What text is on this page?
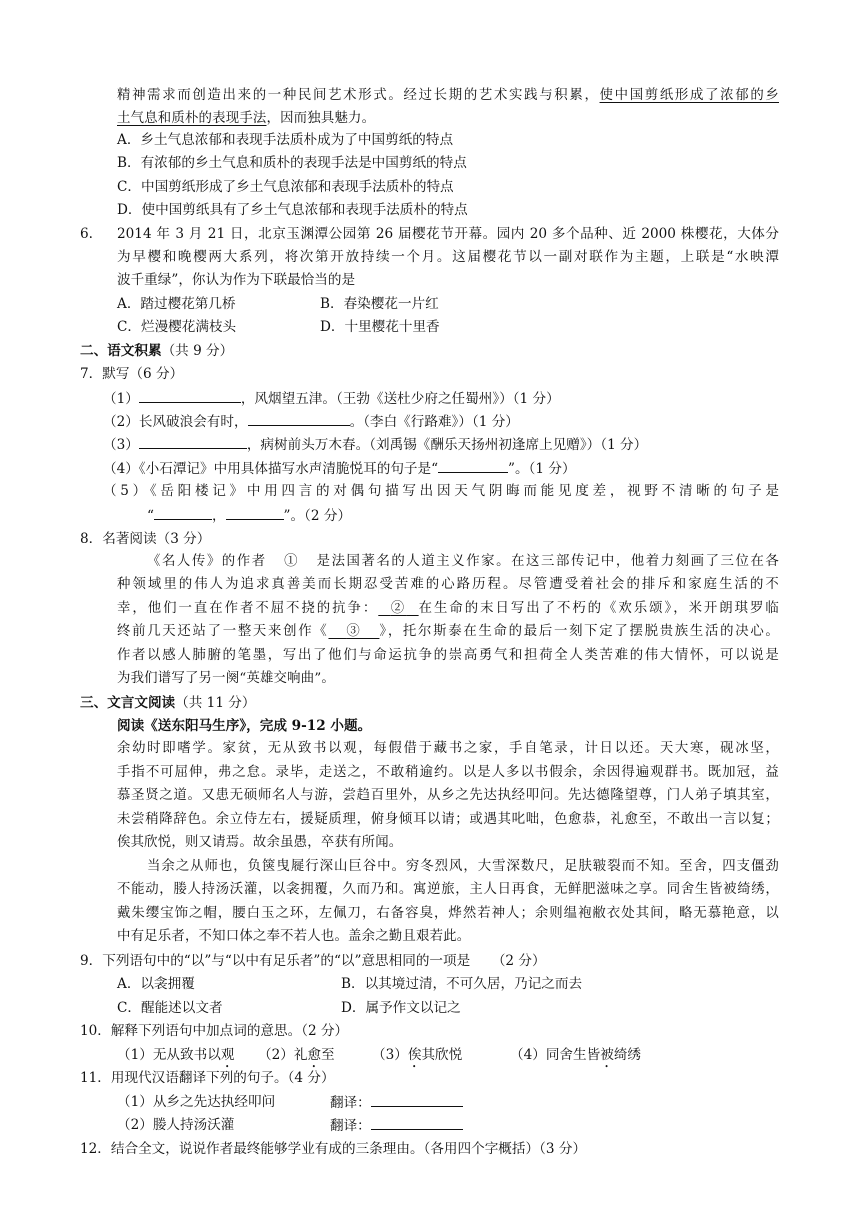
精神需求而创造出来的一种民间艺术形式。经过长期的艺术实践与积累，使中国剪纸形成了浓郁的乡
土气息和质朴的表现手法，因而独具魅力。
A．乡土气息浓郁和表现手法质朴成为了中国剪纸的特点
B．有浓郁的乡土气息和质朴的表现手法是中国剪纸的特点
C．中国剪纸形成了乡土气息浓郁和表现手法质朴的特点
D．使中国剪纸具有了乡土气息浓郁和表现手法质朴的特点
6. 2014 年 3 月 21 日，北京玉渊潭公园第 26 届樱花节开幕。园内 20 多个品种、近 2000 株樱花，大体分
为早樱和晚樱两大系列，将次第开放持续一个月。这届樱花节以一副对联作为主题，上联是“水映潭
波千重绿”，你认为作为下联最恰当的是
A．踏过樱花第几桥	B．春染樱花一片红
C．烂漫樱花满枝头	D．十里樱花十里香
二、语文积累（共 9 分）
7．默写（6 分）
（1）	，风烟望五津。（王勃《送杜少府之任蜀州》）（1 分）
（2）长风破浪会有时，	。（李白《行路难》）（1 分）
（3）	，病树前头万木春。（刘禹锡《酬乐天扬州初逢席上见赠》）（1 分）
（4）《小石潭记》中用具体描写水声清脆悦耳的句子是“	”。（1 分）
（5）《岳阳楼记》中用四言的对偶句描写出因天气阴晦而能见度差，视野不清晰的句子是
“	，	”。（2 分）
8．名著阅读（3 分）
《名人传》的作者 ① 是法国著名的人道主义作家。在这三部传记中，他着力刻画了三位在各
种领域里的伟人为追求真善美而长期忍受苦难的心路历程。尽管遭受着社会的排斥和家庭生活的不
幸，他们一直在作者不屈不挠的抗争： ② 在生命的末日写出了不朽的《欢乐颂》，米开朗琪罗临
终前几天还站了一整天来创作《 ③ 》，托尔斯泰在生命的最后一刻下定了摆脱贵族生活的决心。
作者以感人肺腑的笔墨，写出了他们与命运抗争的崇高勇气和担荷全人类苦难的伟大情怀，可以说是
为我们谱写了另一阕“英雄交响曲”。
三、文言文阅读（共 11 分）
阅读《送东阳马生序》，完成 9-12 小题。
余幼时即嗜学。家贫，无从致书以观，每假借于藏书之家，手自笔录，计日以还。天大寒，砚冰坚，
手指不可屈伸，弗之怠。录毕，走送之，不敢稍逾约。以是人多以书假余，余因得遍观群书。既加冠，益
慕圣贤之道。又患无硕师名人与游，尝趋百里外，从乡之先达执经叩问。先达德隆望尊，门人弟子填其室，
未尝稍降辞色。余立侍左右，援疑质理，俯身倾耳以请；或遇其叱咄，色愈恭，礼愈至，不敢出一言以复；
俟其欣悦，则又请焉。故余虽愚，卒获有所闻。
当余之从师也，负箧曳屣行深山巨谷中。穷冬烈风，大雪深数尺，足肤皲裂而不知。至舍，四支僵劲
不能动，媵人持汤沃灌，以衾拥覆，久而乃和。寓逆旅，主人日再食，无鲜肥滋味之享。同舍生皆被绮绣，
戴朱缨宝饰之帽，腰白玉之环，左佩刀，右备容臭，烨然若神人；余则缊袍敝衣处其间，略无慕艳意，以
中有足乐者，不知口体之奉不若人也。盖余之勤且艰若此。
9．下列语句中的“以”与“以中有足乐者”的“以”意思相同的一项是 （2 分）
A．以衾拥覆	B．以其境过清，不可久居，乃记之而去
C．醒能述以文者	D．属予作文以记之
10．解释下列语句中加点词的意思。（2 分）
（1）无从致书以观 （2）礼愈至	（3）俟其欣悦	（4）同舍生皆被绮绣
11．用现代汉语翻译下列的句子。（4 分）
（1）从乡之先达执经叩问	翻译：
（2）媵人持汤沃灌	翻译：
12．结合全文，说说作者最终能够学业有成的三条理由。（各用四个字概括）（3 分）
